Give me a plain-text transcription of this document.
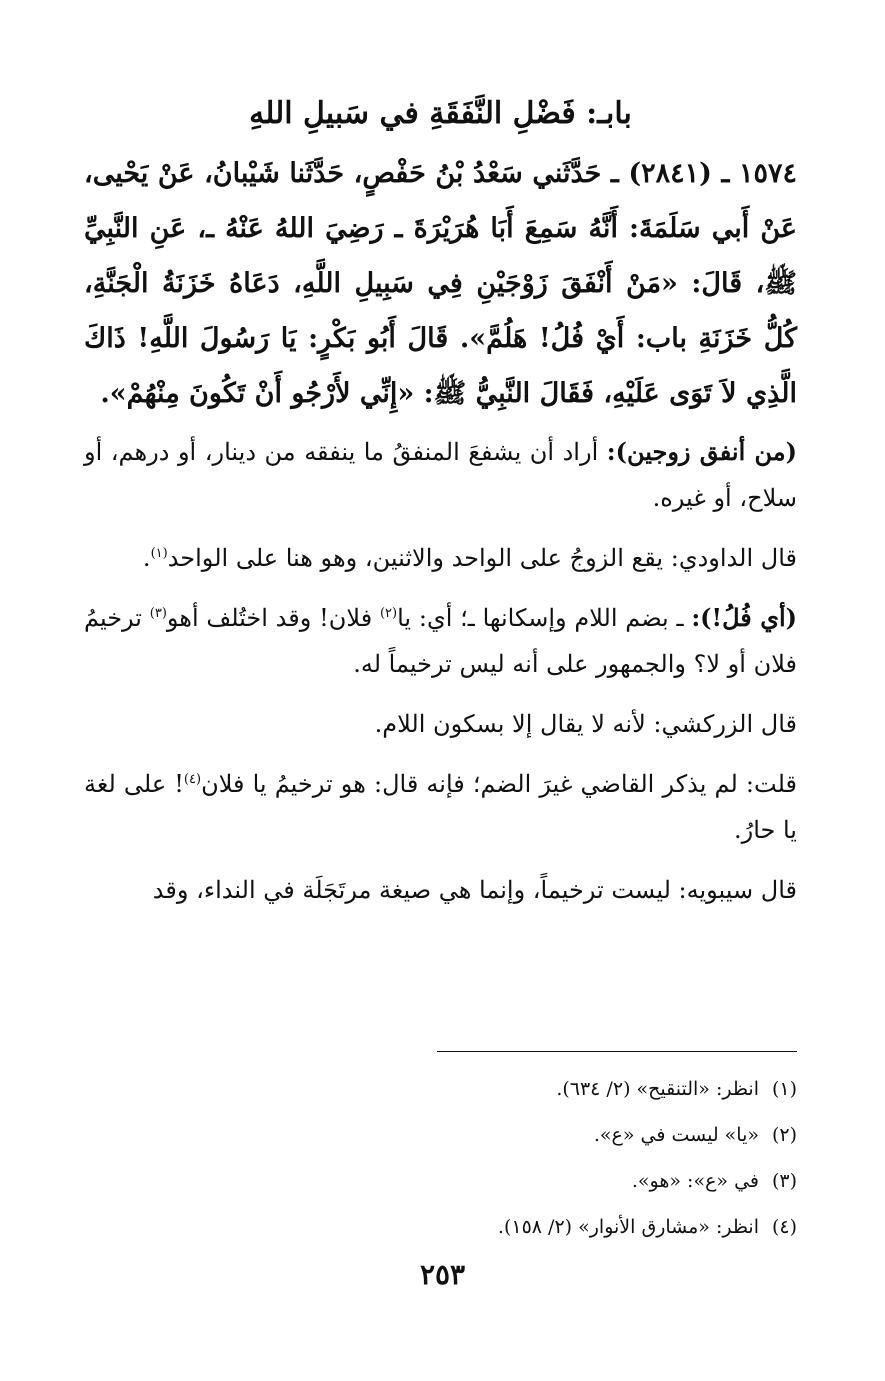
بابـ: فَضْلِ النَّفَقَةِ في سَبيلِ اللهِ

١٥٧٤ ـ (٢٨٤١) ـ حَدَّثَني سَعْدُ بْنُ حَفْصٍ، حَدَّثَنا شَيْبانُ، عَنْ يَحْيى، عَنْ أَبي سَلَمَةَ: أَنَّهُ سَمِعَ أَبَا هُرَيْرَةَ ـ رَضِيَ اللهُ عَنْهُ ـ، عَنِ النَّبِيِّ ﷺ، قَالَ: «مَنْ أَنْفَقَ زَوْجَيْنِ فِي سَبِيلِ اللَّهِ، دَعَاهُ خَزَنَةُ الْجَنَّةِ، كُلُّ خَزَنَةِ باب: أَيْ فُلُ! هَلُمَّ». قَالَ أَبُو بَكْرٍ: يَا رَسُولَ اللَّهِ! ذَاكَ الَّذِي لاَ تَوَى عَلَيْهِ، فَقَالَ النَّبِيُّ ﷺ: «إِنِّي لأَرْجُو أَنْ تَكُونَ مِنْهُمْ».

(من أنفق زوجين): أراد أن يشفعَ المنفقُ ما ينفقه من دينار، أو درهم، أو سلاح، أو غيره.

قال الداودي: يقع الزوجُ على الواحد والاثنين، وهو هنا على الواحد$^{(١)}$.

(أي فُلُ!): ـ بضم اللام وإسكانها ـ؛ أي: يا$^{(٢)}$ فلان! وقد اختُلف أهو$^{(٣)}$ ترخيمُ فلان أو لا؟ والجمهور على أنه ليس ترخيماً له.

قال الزركشي: لأنه لا يقال إلا بسكون اللام.

قلت: لم يذكر القاضي غيرَ الضم؛ فإنه قال: هو ترخيمُ يا فلان$^{(٤)}$! على لغة يا حارُ.

قال سيبويه: ليست ترخيماً، وإنما هي صيغة مرتَجَلَة في النداء، وقد

(١)انظر: «التنقيح» (٢/ ٦٣٤).
(٢)«يا» ليست في «ع».
(٣)في «ع»: «هو».
(٤)انظر: «مشارق الأنوار» (٢/ ١٥٨).
٢٥٣
